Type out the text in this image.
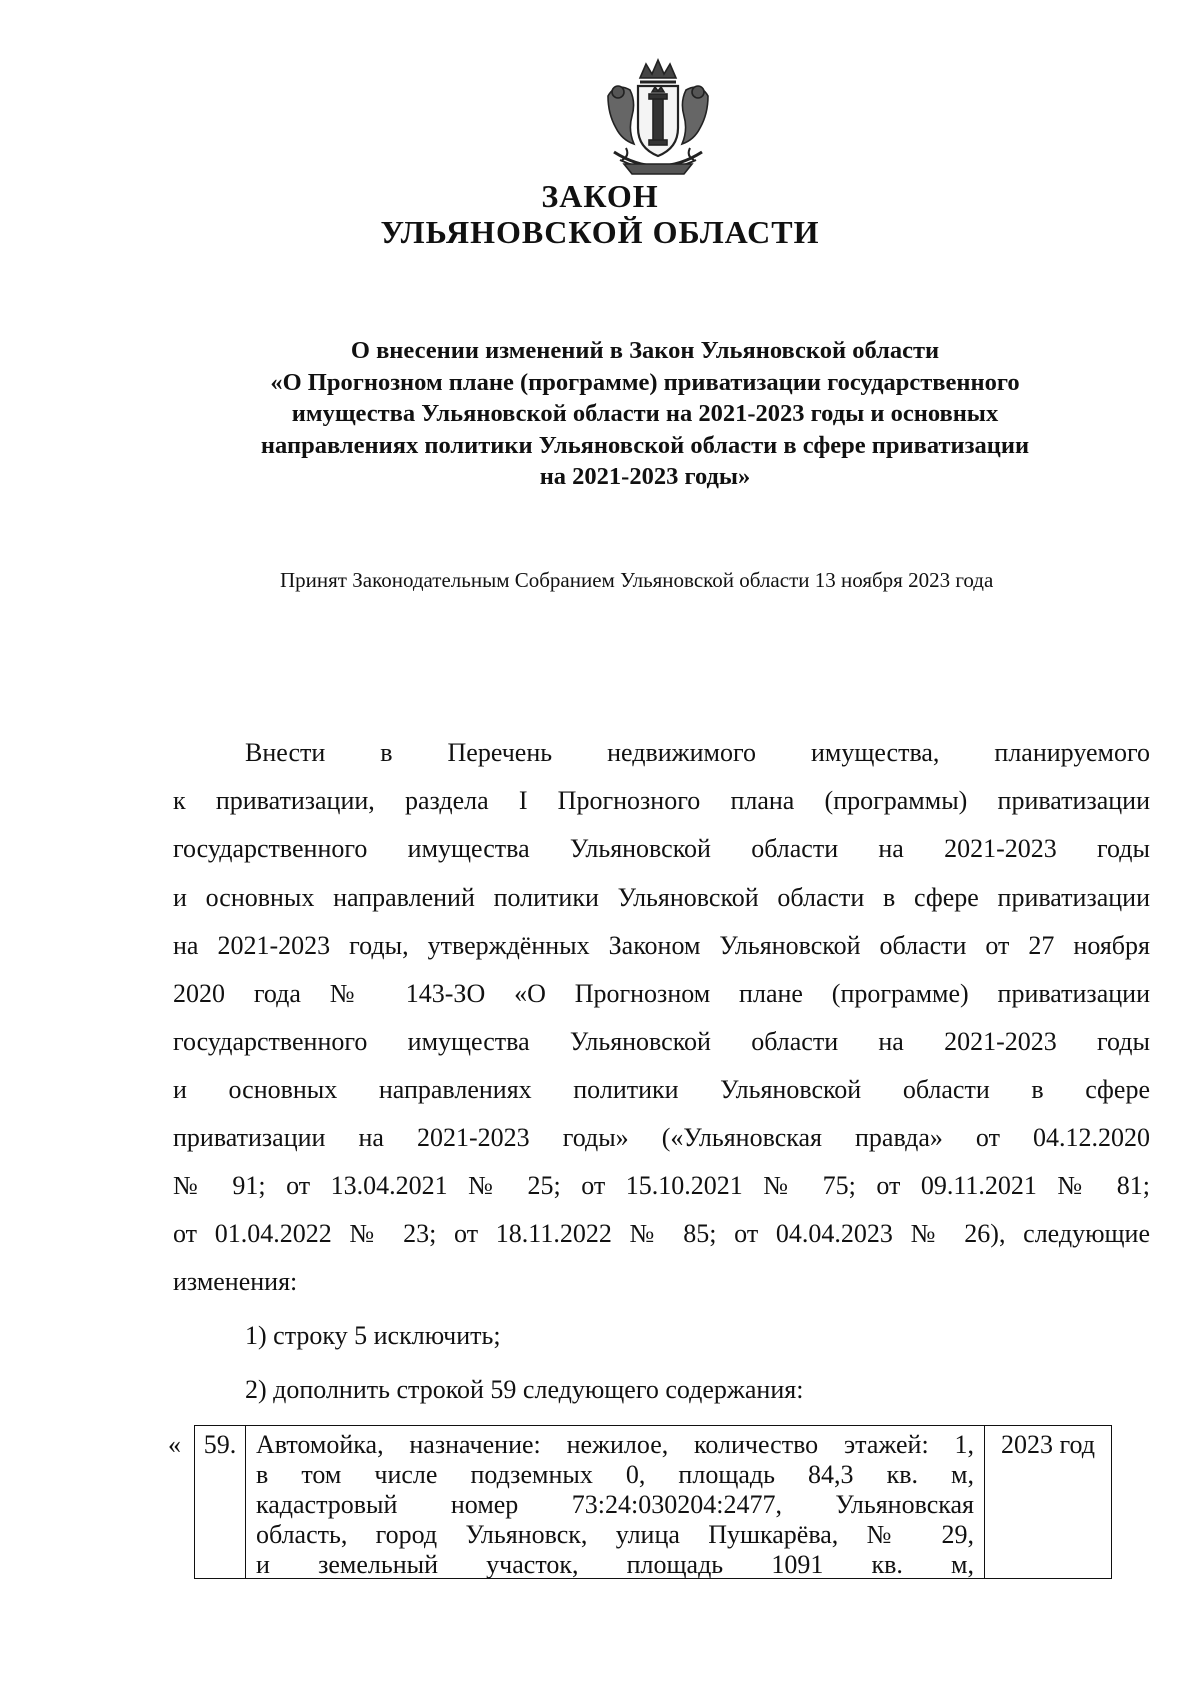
ЗАКОН
УЛЬЯНОВСКОЙ ОБЛАСТИ
О внесении изменений в Закон Ульяновской области
«О Прогнозном плане (программе) приватизации государственного
имущества Ульяновской области на 2021-2023 годы и основных
направлениях политики Ульяновской области в сфере приватизации
на 2021-2023 годы»
Принят Законодательным Собранием Ульяновской области 13 ноября 2023 года
Внести в Перечень недвижимого имущества, планируемого
к приватизации, раздела I Прогнозного плана (программы) приватизации
государственного имущества Ульяновской области на 2021-2023 годы
и основных направлений политики Ульяновской области в сфере приватизации
на 2021-2023 годы, утверждённых Законом Ульяновской области от 27 ноября
2020 года № 143-ЗО «О Прогнозном плане (программе) приватизации
государственного имущества Ульяновской области на 2021-2023 годы
и основных направлениях политики Ульяновской области в сфере
приватизации на 2021-2023 годы» («Ульяновская правда» от 04.12.2020
№ 91; от 13.04.2021 № 25; от 15.10.2021 № 75; от 09.11.2021 № 81;
от 01.04.2022 № 23; от 18.11.2022 № 85; от 04.04.2023 № 26), следующие
изменения:
1) строку 5 исключить;
2) дополнить строкой 59 следующего содержания:
« 59.	Автомойка, назначение: нежилое, количество этажей: 1,
в том числе подземных 0, площадь 84,3 кв. м,
кадастровый номер 73:24:030204:2477, Ульяновская
область, город Ульяновск, улица Пушкарёва, № 29,
и земельный участок, площадь 1091 кв. м,
	2023 год
